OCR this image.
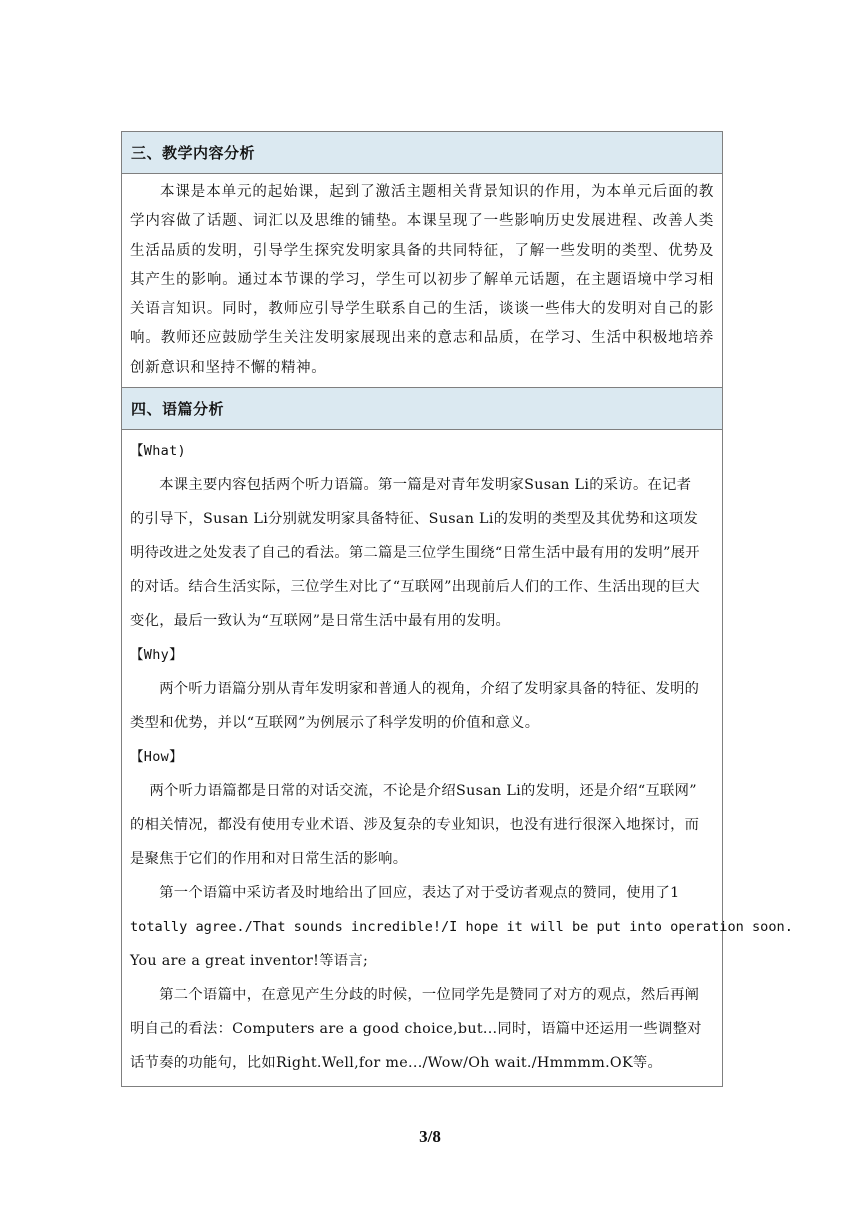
三、教学内容分析
本课是本单元的起始课，起到了激活主题相关背景知识的作用，为本单元后面的教学内容做了话题、词汇以及思维的铺垫。本课呈现了一些影响历史发展进程、改善人类生活品质的发明，引导学生探究发明家具备的共同特征，了解一些发明的类型、优势及其产生的影响。通过本节课的学习，学生可以初步了解单元话题，在主题语境中学习相关语言知识。同时，教师应引导学生联系自己的生活，谈谈一些伟大的发明对自己的影响。教师还应鼓励学生关注发明家展现出来的意志和品质，在学习、生活中积极地培养创新意识和坚持不懈的精神。
四、语篇分析
【What)
　　本课主要内容包括两个听力语篇。第一篇是对青年发明家Susan Li的采访。在记者
的引导下，Susan Li分别就发明家具备特征、Susan Li的发明的类型及其优势和这项发
明待改进之处发表了自己的看法。第二篇是三位学生围绕“日常生活中最有用的发明”展开
的对话。结合生活实际，三位学生对比了“互联网”出现前后人们的工作、生活出现的巨大
变化，最后一致认为“互联网”是日常生活中最有用的发明。
【Why】
　　两个听力语篇分别从青年发明家和普通人的视角，介绍了发明家具备的特征、发明的
类型和优势，并以“互联网”为例展示了科学发明的价值和意义。
【How】
　 两个听力语篇都是日常的对话交流，不论是介绍Susan Li的发明，还是介绍“互联网”
的相关情况，都没有使用专业术语、涉及复杂的专业知识，也没有进行很深入地探讨，而
是聚焦于它们的作用和对日常生活的影响。
　　第一个语篇中采访者及时地给出了回应，表达了对于受访者观点的赞同，使用了1
totally agree./That sounds incredible!/I hope it will be put into operation soon.
You are a great inventor!等语言;
　　第二个语篇中，在意见产生分歧的时候，一位同学先是赞同了对方的观点，然后再阐
明自己的看法：Computers are a good choice,but...同时，语篇中还运用一些调整对
话节奏的功能句，比如Right.Well,for me.../Wow/Oh wait./Hmmmm.OK等。
3/8
